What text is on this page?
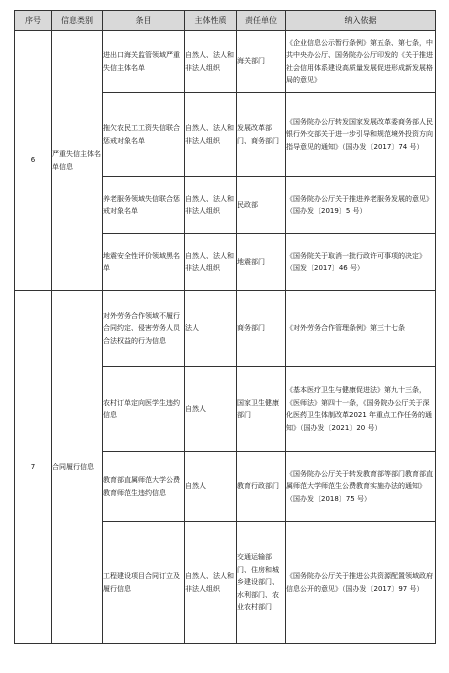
序号	信息类别	条目	主体性质	责任单位	纳入依据
6	严重失信主体名单信息	进出口海关监管领域严重失信主体名单	自然人、法人和非法人组织	海关部门	《企业信息公示暂行条例》第五条、第七条，中共中央办公厅、国务院办公厅印发的《关于推进社会信用体系建设高质量发展促进形成新发展格局的意见》

		拖欠农民工工资失信联合惩戒对象名单	自然人、法人和非法人组织	发展改革部门、商务部门	《国务院办公厅转发国家发展改革委商务部人民银行外交部关于进一步引导和规范境外投资方向指导意见的通知》（国办发〔2017〕74 号）

		养老服务领域失信联合惩戒对象名单	自然人、法人和非法人组织	民政部	《国务院办公厅关于推进养老服务发展的意见》（国办发〔2019〕5 号）

		地震安全性评价领域黑名单	自然人、法人和非法人组织	地震部门	《国务院关于取消一批行政许可事项的决定》（国发〔2017〕46 号）

7	合同履行信息	对外劳务合作领域不履行合同约定、侵害劳务人员合法权益的行为信息	法人	商务部门	《对外劳务合作管理条例》第三十七条

		农村订单定向医学生违约信息	自然人	国家卫生健康部门	《基本医疗卫生与健康促进法》第九十三条，《医师法》第四十一条，《国务院办公厅关于深化医药卫生体制改革2021 年重点工作任务的通知》（国办发〔2021〕20 号）

		教育部直属师范大学公费教育师范生违约信息	自然人	教育行政部门	《国务院办公厅关于转发教育部等部门教育部直属师范大学师范生公费教育实施办法的通知》（国办发〔2018〕75 号）

		工程建设项目合同订立及履行信息	自然人、法人和非法人组织	交通运输部门、住房和城乡建设部门、水利部门、农业农村部门	《国务院办公厅关于推进公共资源配置领域政府信息公开的意见》（国办发〔2017〕97 号）
